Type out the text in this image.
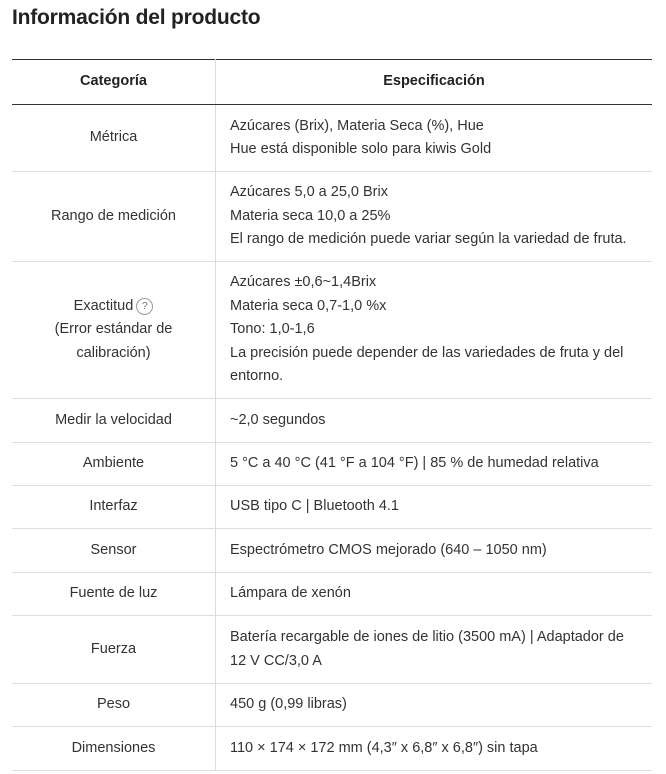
Información del producto
Categoría	Especificación
Métrica	Azúcares (Brix), Materia Seca (%), Hue
Hue está disponible solo para kiwis Gold

Rango de medición	Azúcares 5,0 a 25,0 Brix
Materia seca 10,0 a 25%
El rango de medición puede variar según la variedad de fruta.

Exactitud ?
(Error estándar de calibración)	Azúcares ±0,6~1,4Brix
Materia seca 0,7-1,0 %x
Tono: 1,0-1,6
La precisión puede depender de las variedades de fruta y del entorno.

Medir la velocidad	~2,0 segundos

Ambiente	5 °C a 40 °C (41 °F a 104 °F) | 85 % de humedad relativa

Interfaz	USB tipo C | Bluetooth 4.1

Sensor	Espectrómetro CMOS mejorado (640 – 1050 nm)

Fuente de luz	Lámpara de xenón

Fuerza	Batería recargable de iones de litio (3500 mA) | Adaptador de 12 V CC/3,0 A

Peso	450 g (0,99 libras)

Dimensiones	110 × 174 × 172 mm (4,3″ x 6,8″ x 6,8″) sin tapa
